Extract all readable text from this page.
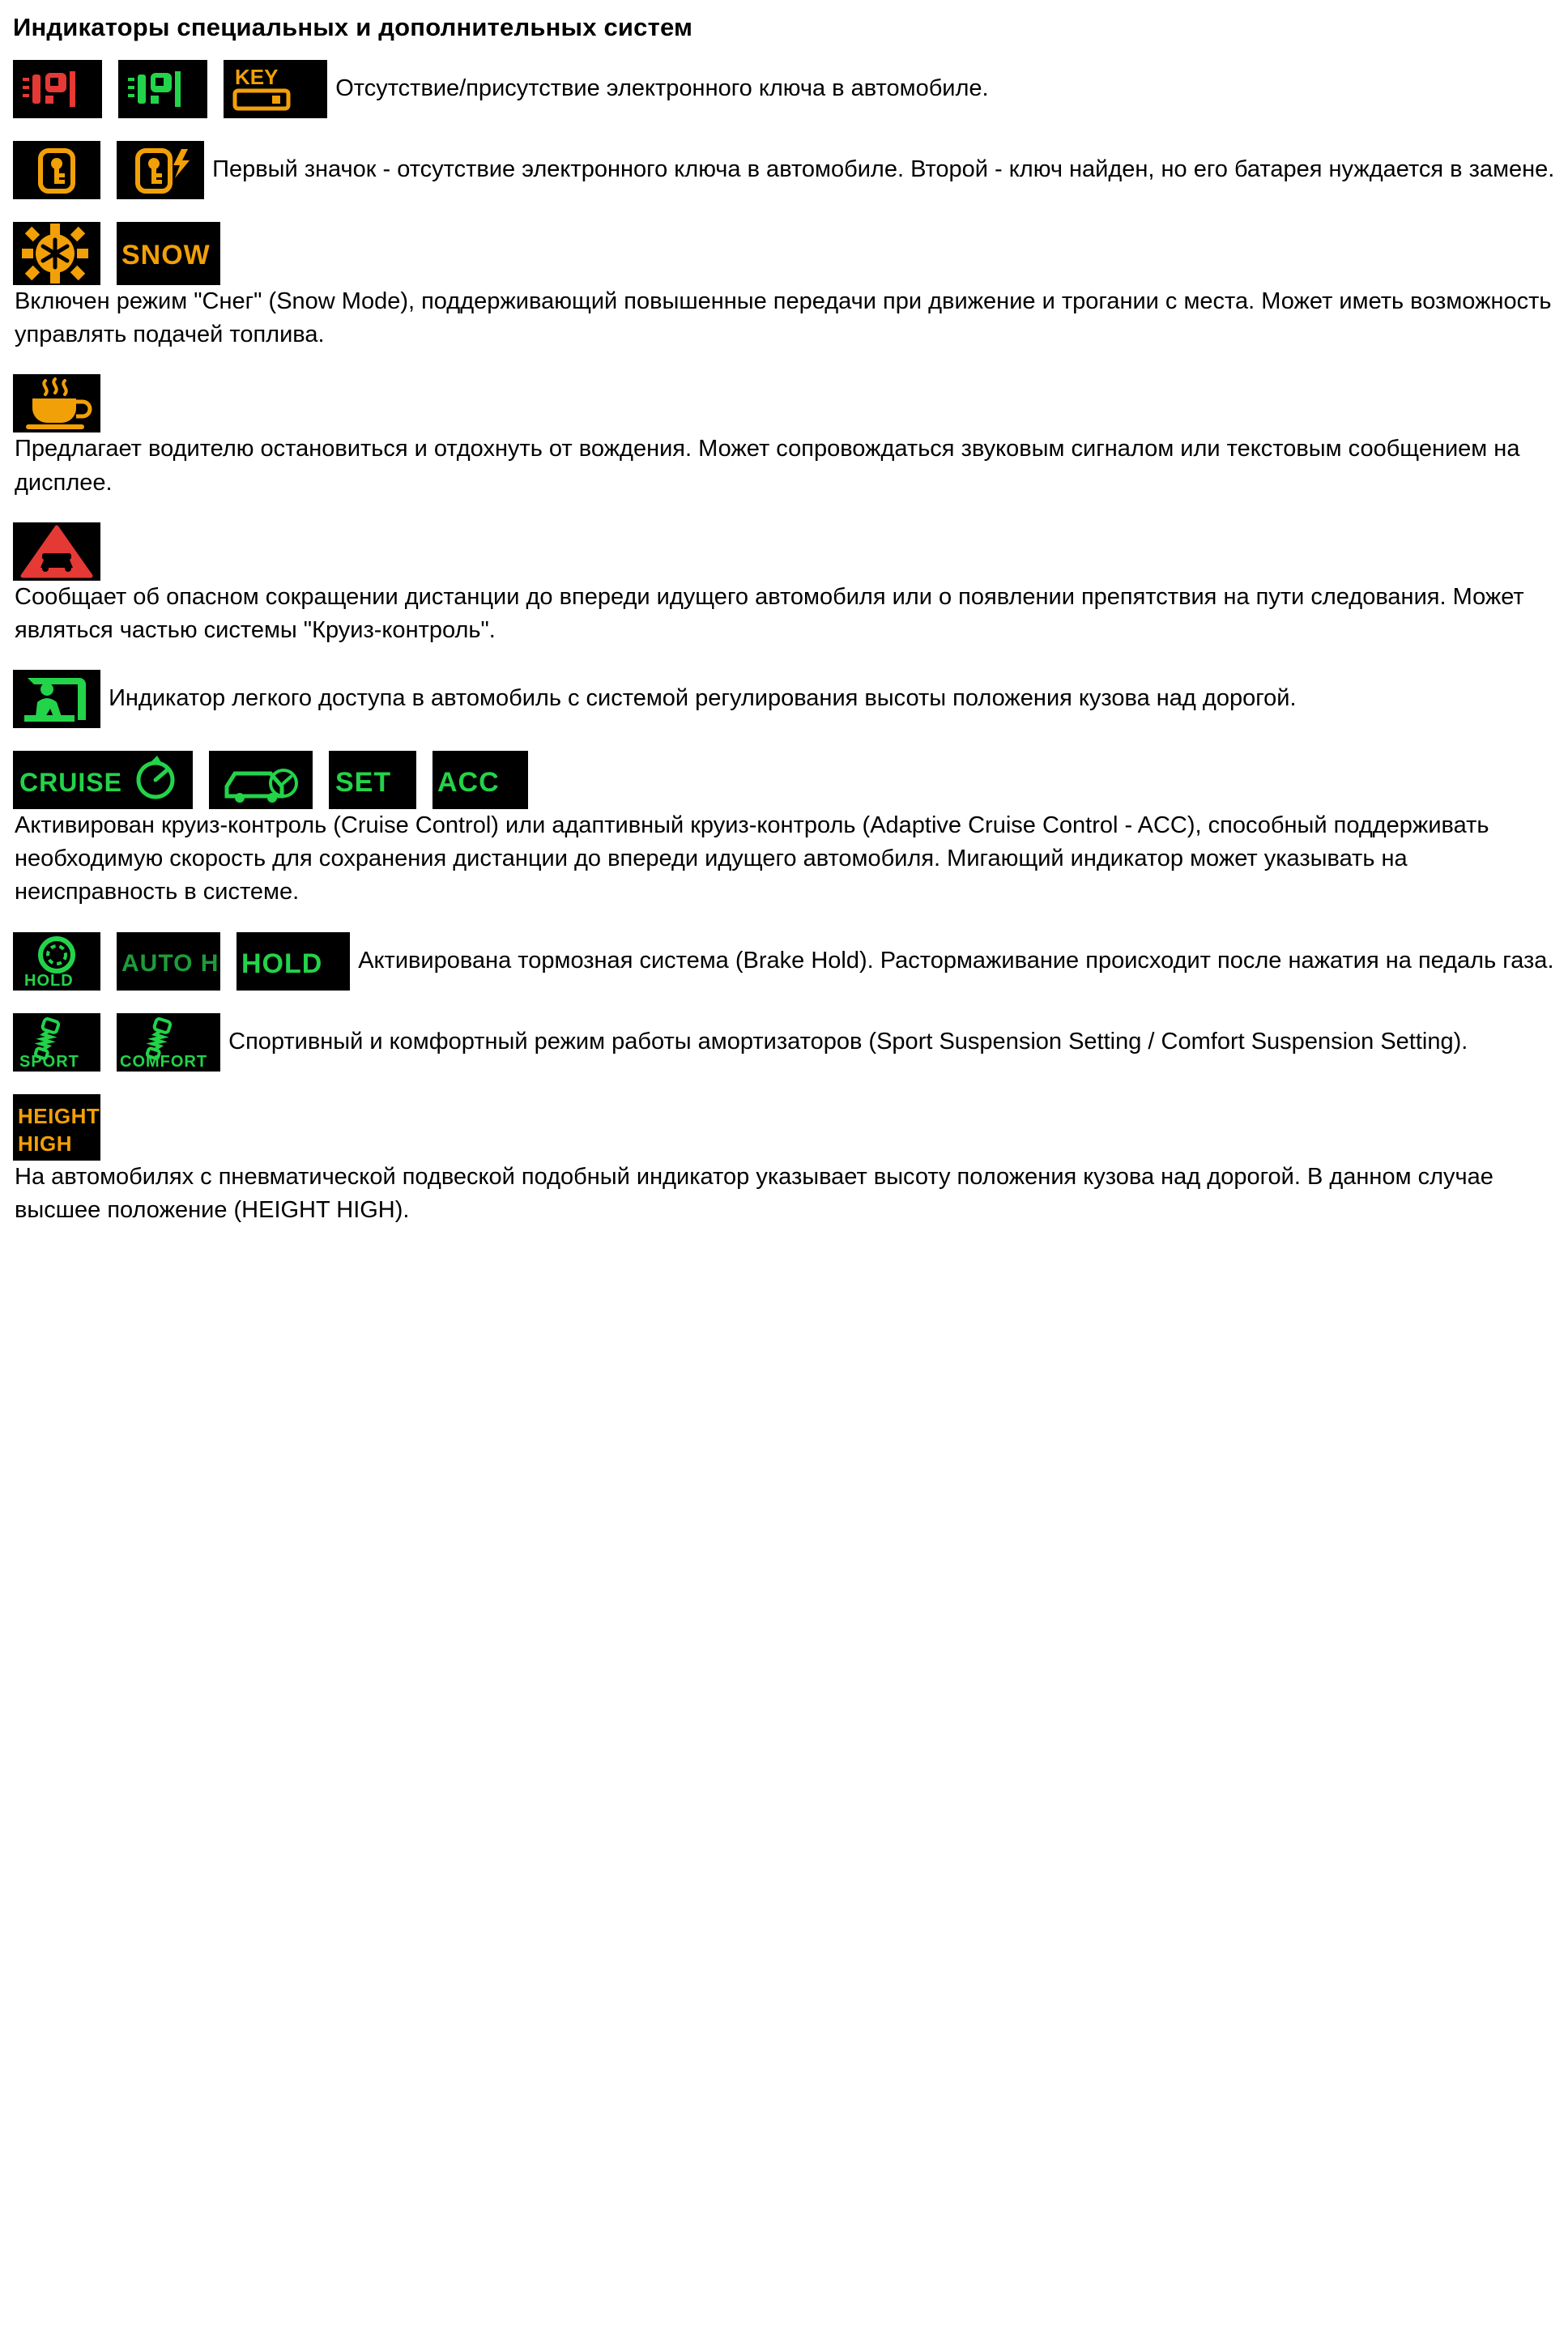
Индикаторы специальных и дополнительных систем

KEY Отсутствие/присутствие электронного ключа в автомобиле.

Первый значок - отсутствие электронного ключа в автомобиле. Второй - ключ найден, но его батарея нуждается в замене.

SNOW
Включен режим "Снег" (Snow Mode), поддерживающий повышенные передачи при движение и трогании с места. Может иметь возможность управлять подачей топлива.

Предлагает водителю остановиться и отдохнуть от вождения. Может сопровождаться звуковым сигналом или текстовым сообщением на дисплее.

Сообщает об опасном сокращении дистанции до впереди идущего автомобиля или о появлении препятствия на пути следования. Может являться частью системы "Круиз-контроль".

Индикатор легкого доступа в автомобиль с системой регулирования высоты положения кузова над дорогой.

CRUISE

	SET
ACC
Активирован круиз-контроль (Cruise Control) или адаптивный круиз-контроль (Adaptive Cruise Control - ACC), способный поддерживать необходимую скорость для сохранения дистанции до впереди идущего автомобиля. Мигающий индикатор может указывать на неисправность в системе.

HOLD

AUTO H
HOLD Активирована тормозная система (Brake Hold). Растормаживание происходит после нажатия на педаль газа.

SPORT
	COMFORT
Спортивный и комфортный режим работы амортизаторов (Sport Suspension Setting / Comfort Suspension Setting).

HEIGHT
HIGH
На автомобилях с пневматической подвеской подобный индикатор указывает высоту положения кузова над дорогой. В данном случае высшее положение (HEIGHT HIGH).
